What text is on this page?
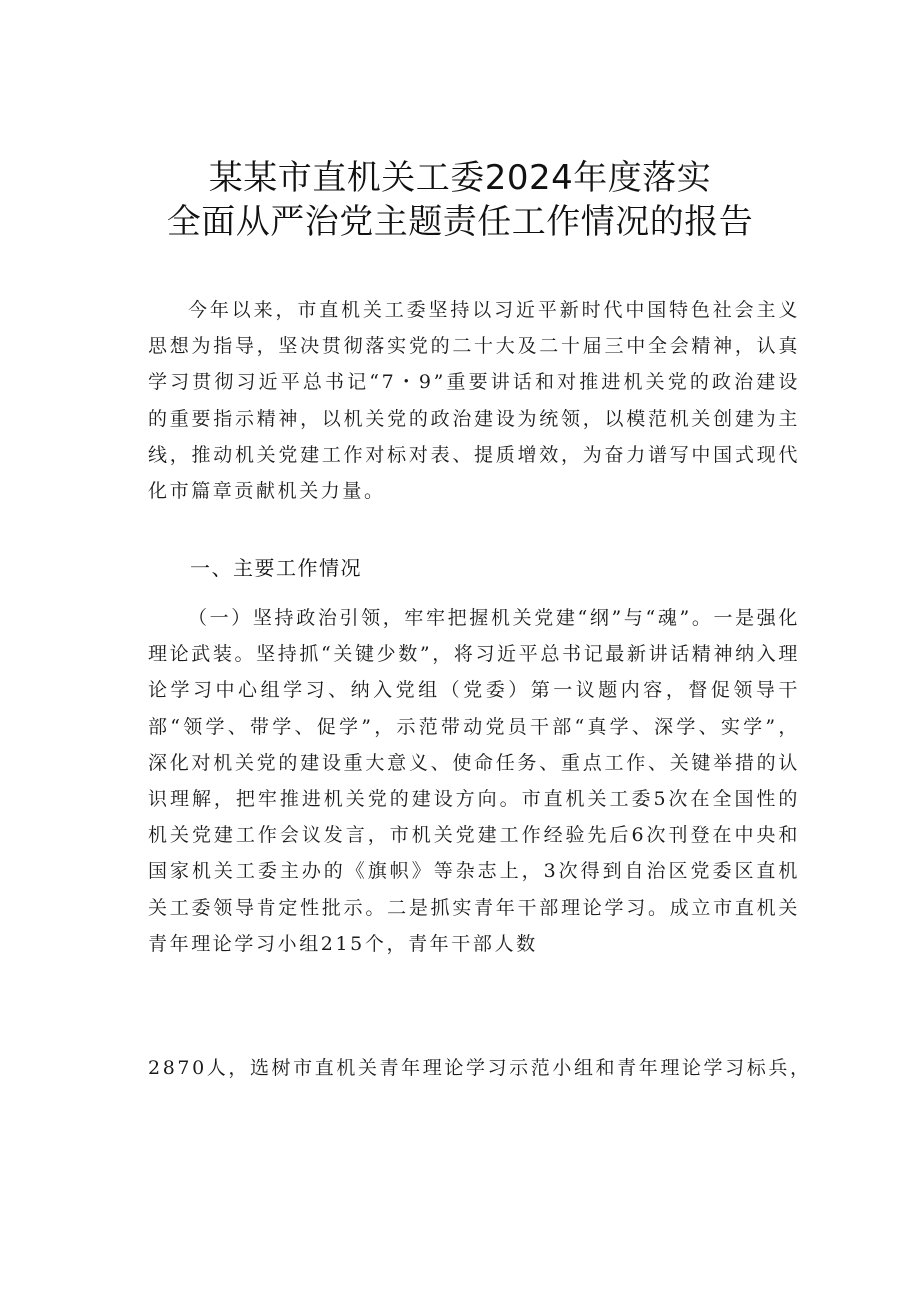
某某市直机关工委2024年度落实
全面从严治党主题责任工作情况的报告
今年以来，市直机关工委坚持以习近平新时代中国特色社会主义思想为指导，坚决贯彻落实党的二十大及二十届三中全会精神，认真学习贯彻习近平总书记“7・9”重要讲话和对推进机关党的政治建设的重要指示精神，以机关党的政治建设为统领，以模范机关创建为主线，推动机关党建工作对标对表、提质增效，为奋力谱写中国式现代化市篇章贡献机关力量。
一、主要工作情况
（一）坚持政治引领，牢牢把握机关党建“纲”与“魂”。一是强化理论武装。坚持抓“关键少数”，将习近平总书记最新讲话精神纳入理论学习中心组学习、纳入党组（党委）第一议题内容，督促领导干部“领学、带学、促学”，示范带动党员干部“真学、深学、实学”，深化对机关党的建设重大意义、使命任务、重点工作、关键举措的认识理解，把牢推进机关党的建设方向。市直机关工委5次在全国性的机关党建工作会议发言，市机关党建工作经验先后6次刊登在中央和国家机关工委主办的《旗帜》等杂志上，3次得到自治区党委区直机关工委领导肯定性批示。二是抓实青年干部理论学习。成立市直机关青年理论学习小组215个，青年干部人数
2870人，选树市直机关青年理论学习示范小组和青年理论学习标兵，
